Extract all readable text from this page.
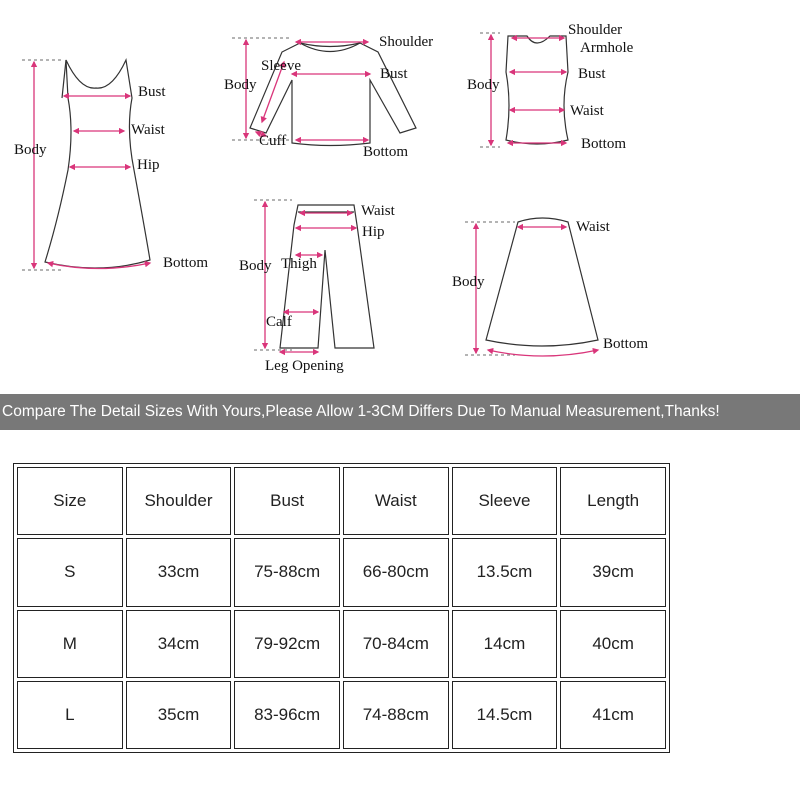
Bust
Waist
Hip
Body
Bottom
Shoulder
Sleeve
Body
Bust
Cuff
Bottom
Shoulder
Armhole
Body
Bust
Waist
Bottom
Waist
Hip
Body Thigh
Calf
Leg Opening
Waist
Body
Bottom
Compare The Detail Sizes With Yours,Please Allow 1-3CM Differs Due To Manual Measurement,Thanks!
Size	Shoulder	Bust	Waist	Sleeve	Length
S	33cm	75-88cm	66-80cm	13.5cm	39cm
M	34cm	79-92cm	70-84cm	14cm	40cm
L	35cm	83-96cm	74-88cm	14.5cm	41cm
